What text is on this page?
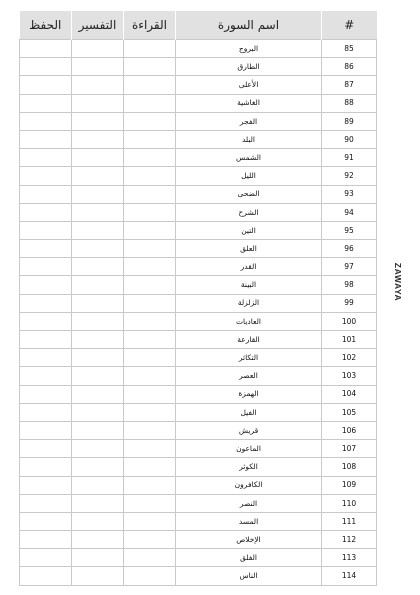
الحفظ	التفسير	القراءة	اسم السورة	#
			البروج	85
			الطارق	86
			الأعلى	87
			الغاشية	88
			الفجر	89
			البلد	90
			الشمس	91
			الليل	92
			الضحى	93
			الشرح	94
			التين	95
			العلق	96
			القدر	97
			البينة	98
			الزلزلة	99
			العاديات	100
			القارعة	101
			التكاثر	102
			العصر	103
			الهمزة	104
			الفيل	105
			قريش	106
			الماعون	107
			الكوثر	108
			الكافرون	109
			النصر	110
			المسد	111
			الإخلاص	112
			الفلق	113
			الناس	114
ZAWAYA
